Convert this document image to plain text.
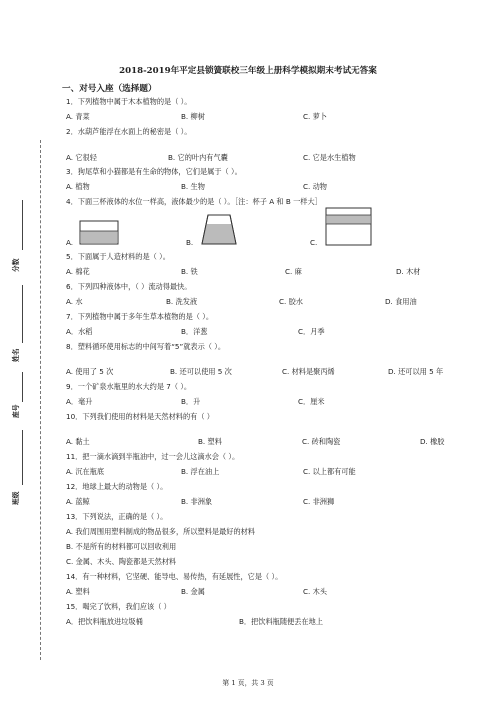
分数
姓名
座号
班级
2018-2019年平定县锁簧联校三年级上册科学模拟期末考试无答案
一、对号入座（选择题）
1．下列植物中属于木本植物的是（ ）。
A. 青菜	B. 柳树	C. 萝卜
2．水葫芦能浮在水面上的秘密是（ ）。
A. 它很轻	B. 它的叶内有气囊	C. 它是水生植物
3．狗尾草和小猫都是有生命的物体，它们是属于（ ）。
A. 植物	B. 生物	C. 动物
4．下面三杯液体的水位一样高，液体最少的是（ ）。［注：杯子 A 和 B 一样大］
A.	B.	C.
5．下面属于人造材料的是（ ）。
A. 棉花	B. 铁	C. 麻	D. 木材
6．下列四种液体中，（ ）流动得最快。
A. 水	B. 洗发液	C. 胶水	D. 食用油
7．下列植物中属于多年生草本植物的是（ ）。
A．水稻	B．洋葱	C．月季
8．塑料循环使用标志的中间写着“5”就表示（ ）。
A. 使用了 5 次	B. 还可以使用 5 次	C. 材料是聚丙烯	D. 还可以用 5 年
9．一个矿泉水瓶里的水大约是 7（ ）。
A．毫升	B．升	C．厘米
10．下列我们使用的材料是天然材料的有（ ）
A. 黏土	B. 塑料	C. 砖和陶瓷	D. 橡胶
11．把一滴水滴到半瓶油中，过一会儿这滴水会（ ）。
A. 沉在瓶底	B. 浮在油上	C. 以上都有可能
12．地球上最大的动物是（ ）。
A. 蓝鲸	B. 非洲象	C. 非洲狮
13．下列说法，正确的是（ ）。
A. 我们周围用塑料制成的物品很多，所以塑料是最好的材料
B. 不是所有的材料都可以回收利用
C. 金属、木头、陶瓷都是天然材料
14．有一种材料，它坚硬、能导电、易传热，有延展性，它是（ ）。
A. 塑料	B. 金属	C. 木头
15．喝完了饮料，我们应该（ ）
A．把饮料瓶放进垃圾桶	B．把饮料瓶随便丢在地上
第 1 页，共 3 页
